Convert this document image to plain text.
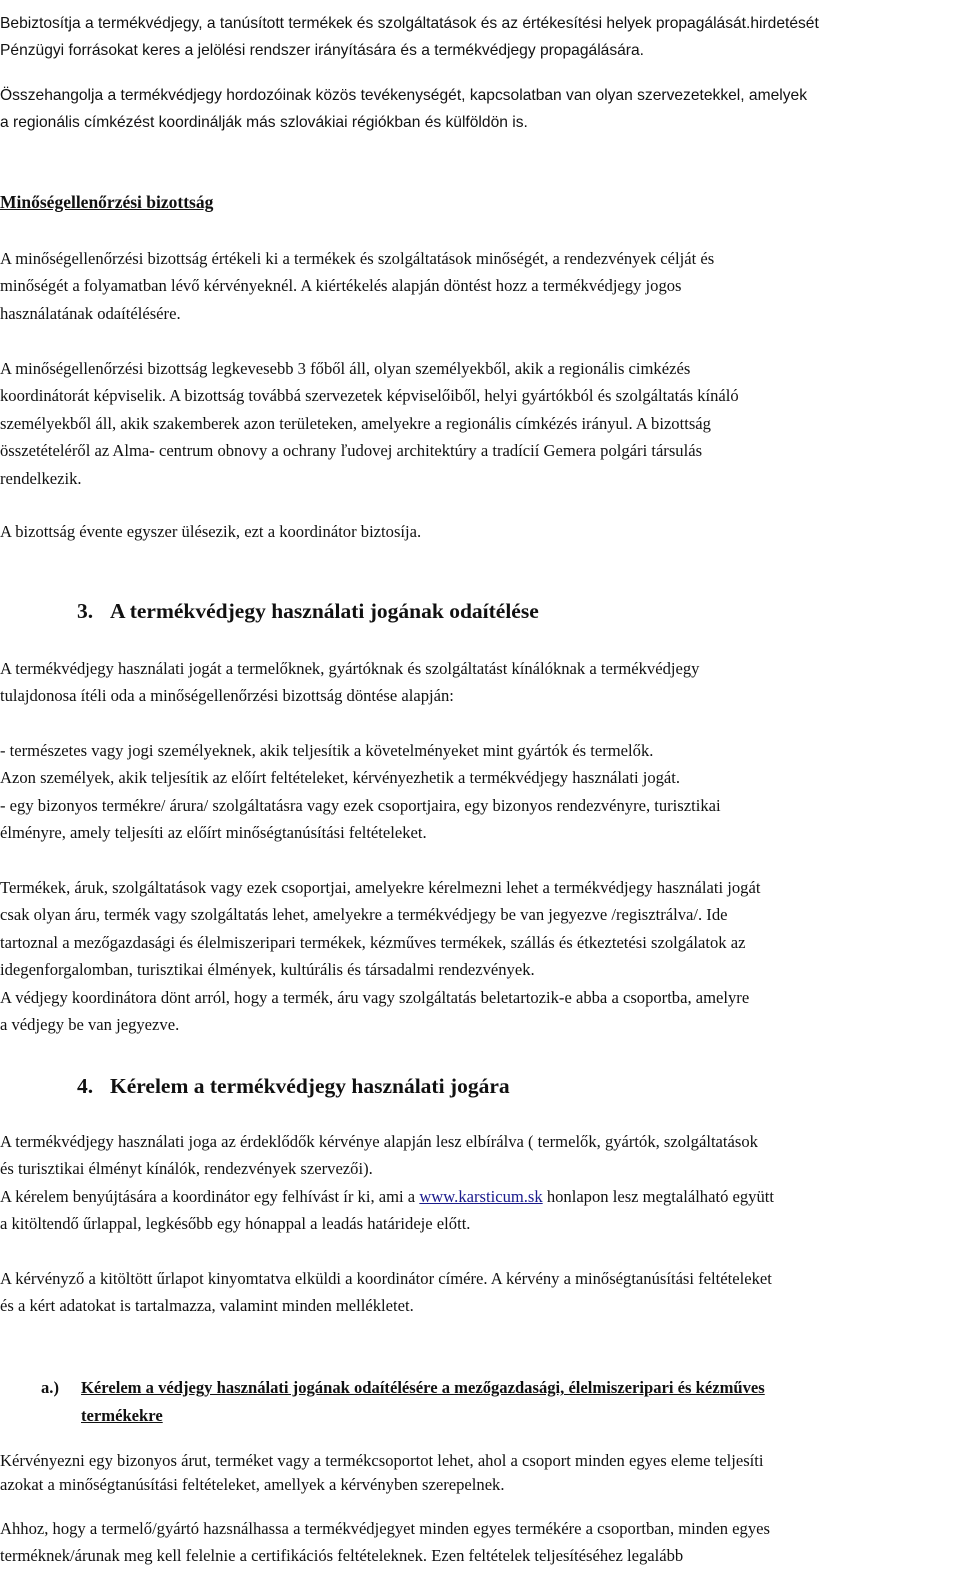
Bebiztosítja a termékvédjegy, a tanúsított termékek és szolgáltatások és az értékesítési helyek propagálását.hirdetését
Pénzügyi forrásokat keres a jelölési rendszer irányítására és a termékvédjegy propagálására.
Összehangolja a termékvédjegy hordozóinak közös tevékenységét, kapcsolatban van olyan szervezetekkel, amelyek
a regionális címkézést koordinálják más szlovákiai régiókban és külföldön is.
Minőségellenőrzési bizottság
A minőségellenőrzési bizottság értékeli ki a termékek és szolgáltatások minőségét, a rendezvények célját és
minőségét a folyamatban lévő kérvényeknél. A kiértékelés alapján döntést hozz a termékvédjegy jogos
használatának odaítélésére.
A minőségellenőrzési bizottság legkevesebb 3 főből áll, olyan személyekből, akik a regionális cimkézés
koordinátorát képviselik. A bizottság továbbá szervezetek képviselőiből, helyi gyártókból és szolgáltatás kínáló
személyekből áll, akik szakemberek azon területeken, amelyekre a regionális címkézés irányul. A bizottság
összetételéről az Alma- centrum obnovy a ochrany ľudovej architektúry a tradícií Gemera polgári társulás
rendelkezik.
A bizottság évente egyszer ülésezik, ezt a koordinátor biztosíja.
3. A termékvédjegy használati jogának odaítélése
A termékvédjegy használati jogát a termelőknek, gyártóknak és szolgáltatást kínálóknak a termékvédjegy
tulajdonosa ítéli oda a minőségellenőrzési bizottság döntése alapján:
- természetes vagy jogi személyeknek, akik teljesítik a követelményeket mint gyártók és termelők.
Azon személyek, akik teljesítik az előírt feltételeket, kérvényezhetik a termékvédjegy használati jogát.
- egy bizonyos termékre/ árura/ szolgáltatásra vagy ezek csoportjaira, egy bizonyos rendezvényre, turisztikai
élményre, amely teljesíti az előírt minőségtanúsítási feltételeket.
Termékek, áruk, szolgáltatások vagy ezek csoportjai, amelyekre kérelmezni lehet a termékvédjegy használati jogát
csak olyan áru, termék vagy szolgáltatás lehet, amelyekre a termékvédjegy be van jegyezve /regisztrálva/. Ide
tartoznal a mezőgazdasági és élelmiszeripari termékek, kézműves termékek, szállás és étkeztetési szolgálatok az
idegenforgalomban, turisztikai élmények, kultúrális és társadalmi rendezvények.
A védjegy koordinátora dönt arról, hogy a termék, áru vagy szolgáltatás beletartozik-e abba a csoportba, amelyre
a védjegy be van jegyezve.
4. Kérelem a termékvédjegy használati jogára
A termékvédjegy használati joga az érdeklődők kérvénye alapján lesz elbírálva ( termelők, gyártók, szolgáltatások
és turisztikai élményt kínálók, rendezvények szervezői).
A kérelem benyújtására a koordinátor egy felhívást ír ki, ami a www.karsticum.sk honlapon lesz megtalálható együtt
a kitöltendő űrlappal, legkésőbb egy hónappal a leadás határideje előtt.
A kérvényző a kitöltött űrlapot kinyomtatva elküldi a koordinátor címére. A kérvény a minőségtanúsítási feltételeket
és a kért adatokat is tartalmazza, valamint minden mellékletet.
a.) Kérelem a védjegy használati jogának odaítélésére a mezőgazdasági, élelmiszeripari és kézműves
termékekre
Kérvényezni egy bizonyos árut, terméket vagy a termékcsoportot lehet, ahol a csoport minden egyes eleme teljesíti
azokat a minőségtanúsítási feltételeket, amellyek a kérvényben szerepelnek.
Ahhoz, hogy a termelő/gyártó hazsnálhassa a termékvédjegyet minden egyes termékére a csoportban, minden egyes
terméknek/árunak meg kell felelnie a certifikációs feltételeknek. Ezen feltételek teljesítéséhez legalább
